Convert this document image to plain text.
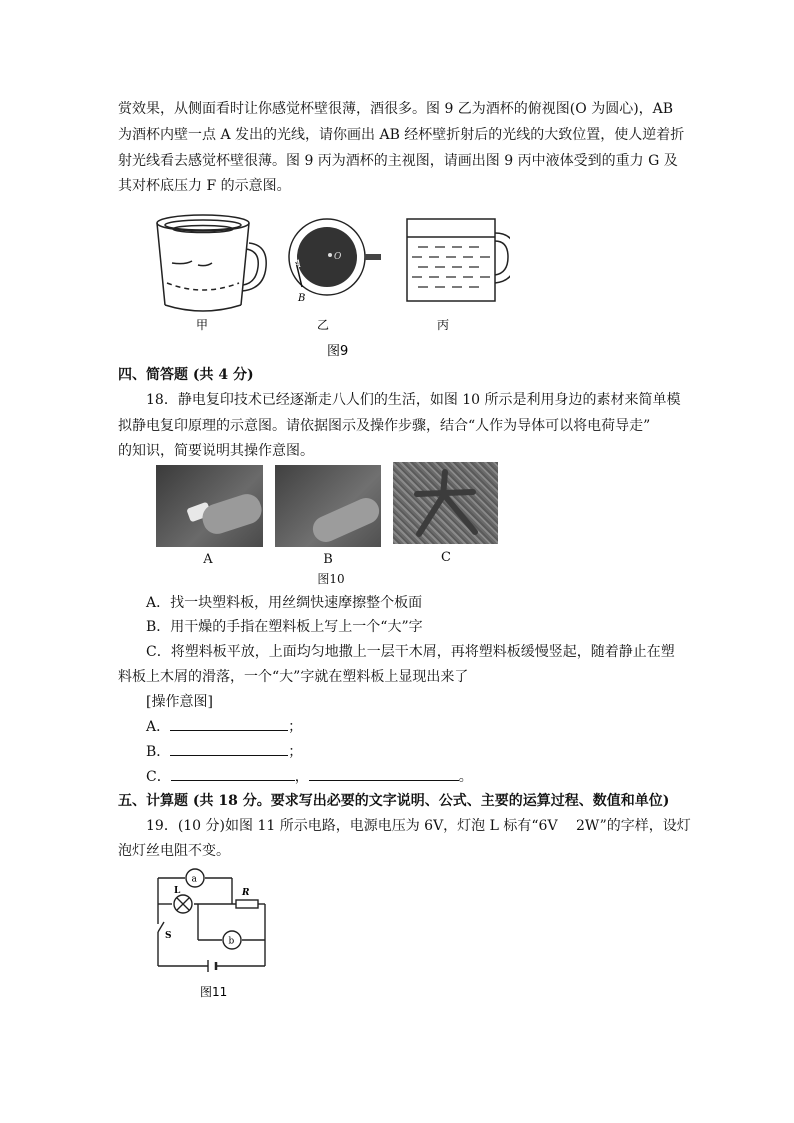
赏效果，从侧面看时让你感觉杯壁很薄，酒很多。图 9 乙为酒杯的俯视图(O 为圆心)，AB
为酒杯内壁一点 A 发出的光线，请你画出 AB 经杯壁折射后的光线的大致位置，使人逆着折
射光线看去感觉杯壁很薄。图 9 丙为酒杯的主视图，请画出图 9 丙中液体受到的重力 G 及
其对杯底压力 F 的示意图。
甲
A
B
O
乙	丙
图9
四、简答题 (共 4 分)
18．静电复印技术已经逐渐走八人们的生活，如图 10 所示是利用身边的素材来简单模
拟静电复印原理的示意图。请依据图示及操作步骤，结合“人作为导体可以将电荷导走”
的知识，简要说明其操作意图。
A	B	C
图10
A．找一块塑料板，用丝绸快速摩擦整个板面
B．用干燥的手指在塑料板上写上一个“大”字
C．将塑料板平放，上面均匀地撒上一层干木屑，再将塑料板缓慢竖起，随着静止在塑
料板上木屑的滑落，一个“大”字就在塑料板上显现出来了
[操作意图]
A．	；
B．	；
C．	，	。
五、计算题 (共 18 分。要求写出必要的文字说明、公式、主要的运算过程、数值和单位)
19．(10 分)如图 11 所示电路，电源电压为 6V，灯泡 L 标有“6V　 2W”的字样，设灯
泡灯丝电阻不变。
a
L	R
b
S
图11
